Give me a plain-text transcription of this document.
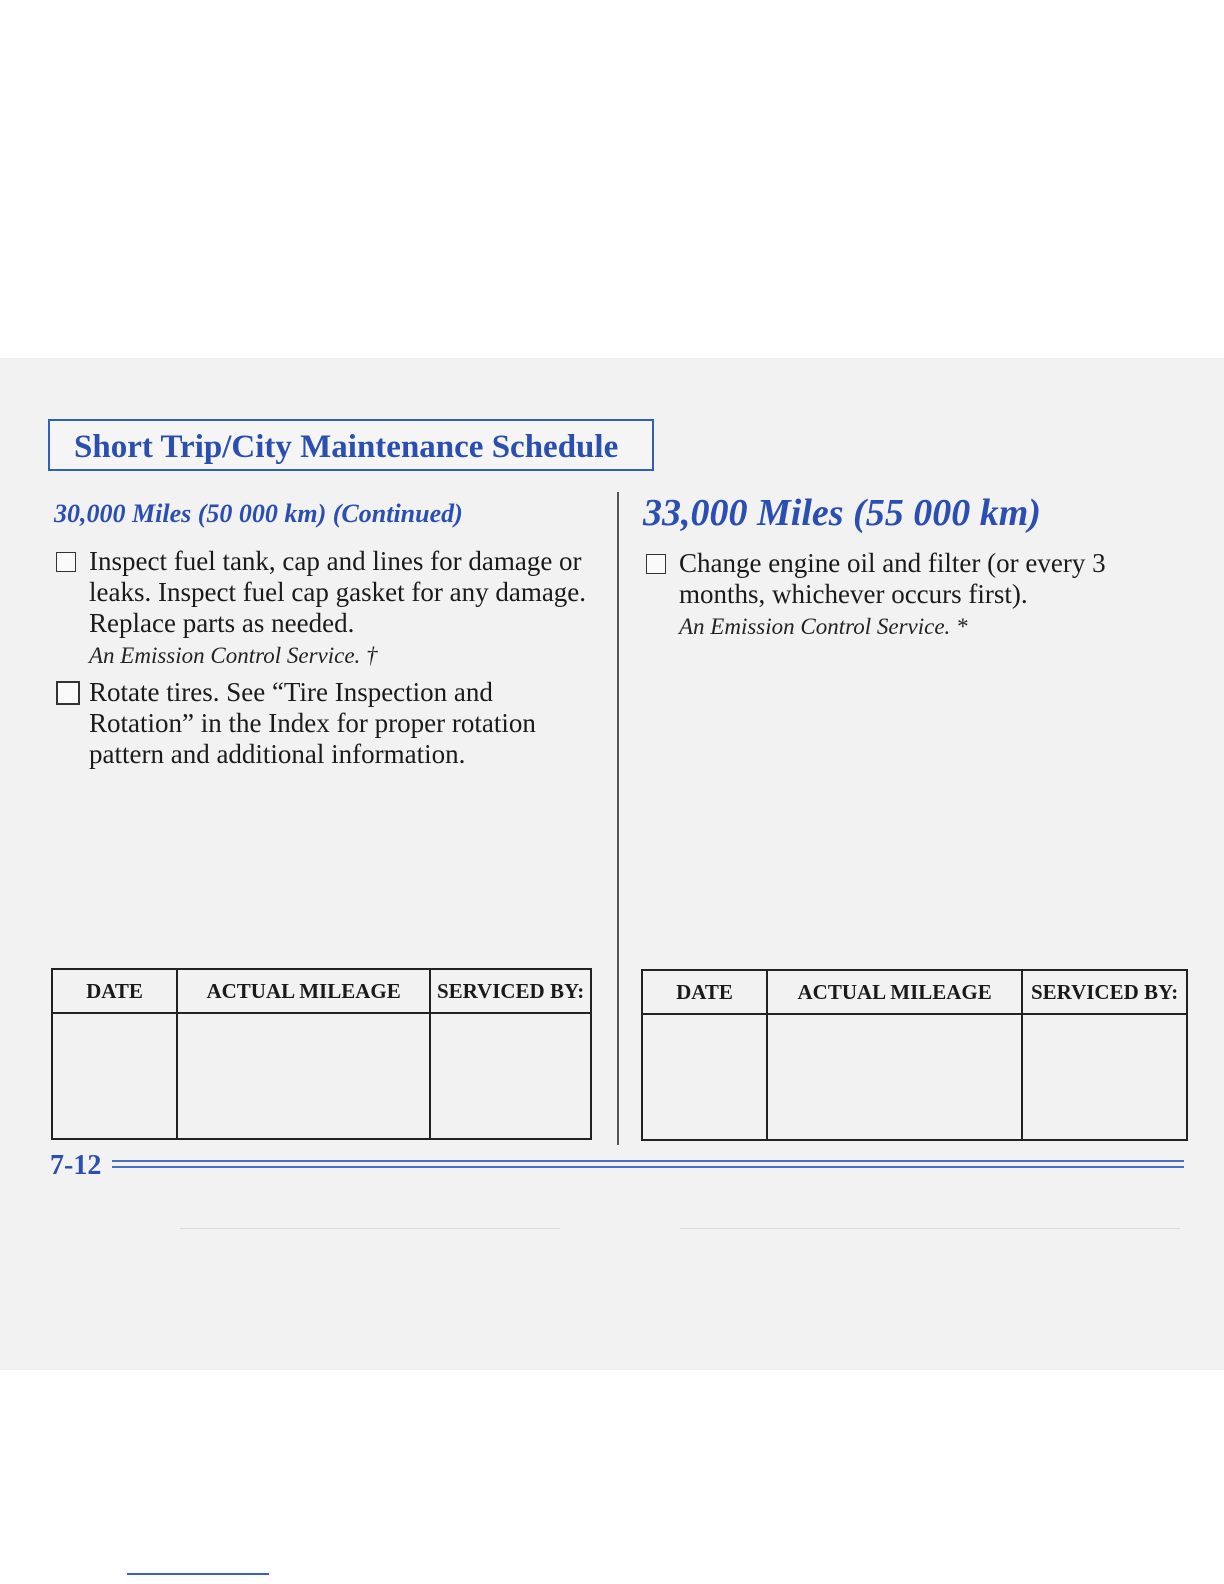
Short Trip/City Maintenance Schedule
30,000 Miles (50 000 km) (Continued)
Inspect fuel tank, cap and lines for damage or leaks. Inspect fuel cap gasket for any damage. Replace parts as needed.
An Emission Control Service. †
Rotate tires. See “Tire Inspection and Rotation” in the Index for proper rotation pattern and additional information.
DATE	ACTUAL MILEAGE	SERVICED BY:

33,000 Miles (55 000 km)
Change engine oil and filter (or every 3 months, whichever occurs first).
An Emission Control Service. *
DATE	ACTUAL MILEAGE	SERVICED BY:

7-12
